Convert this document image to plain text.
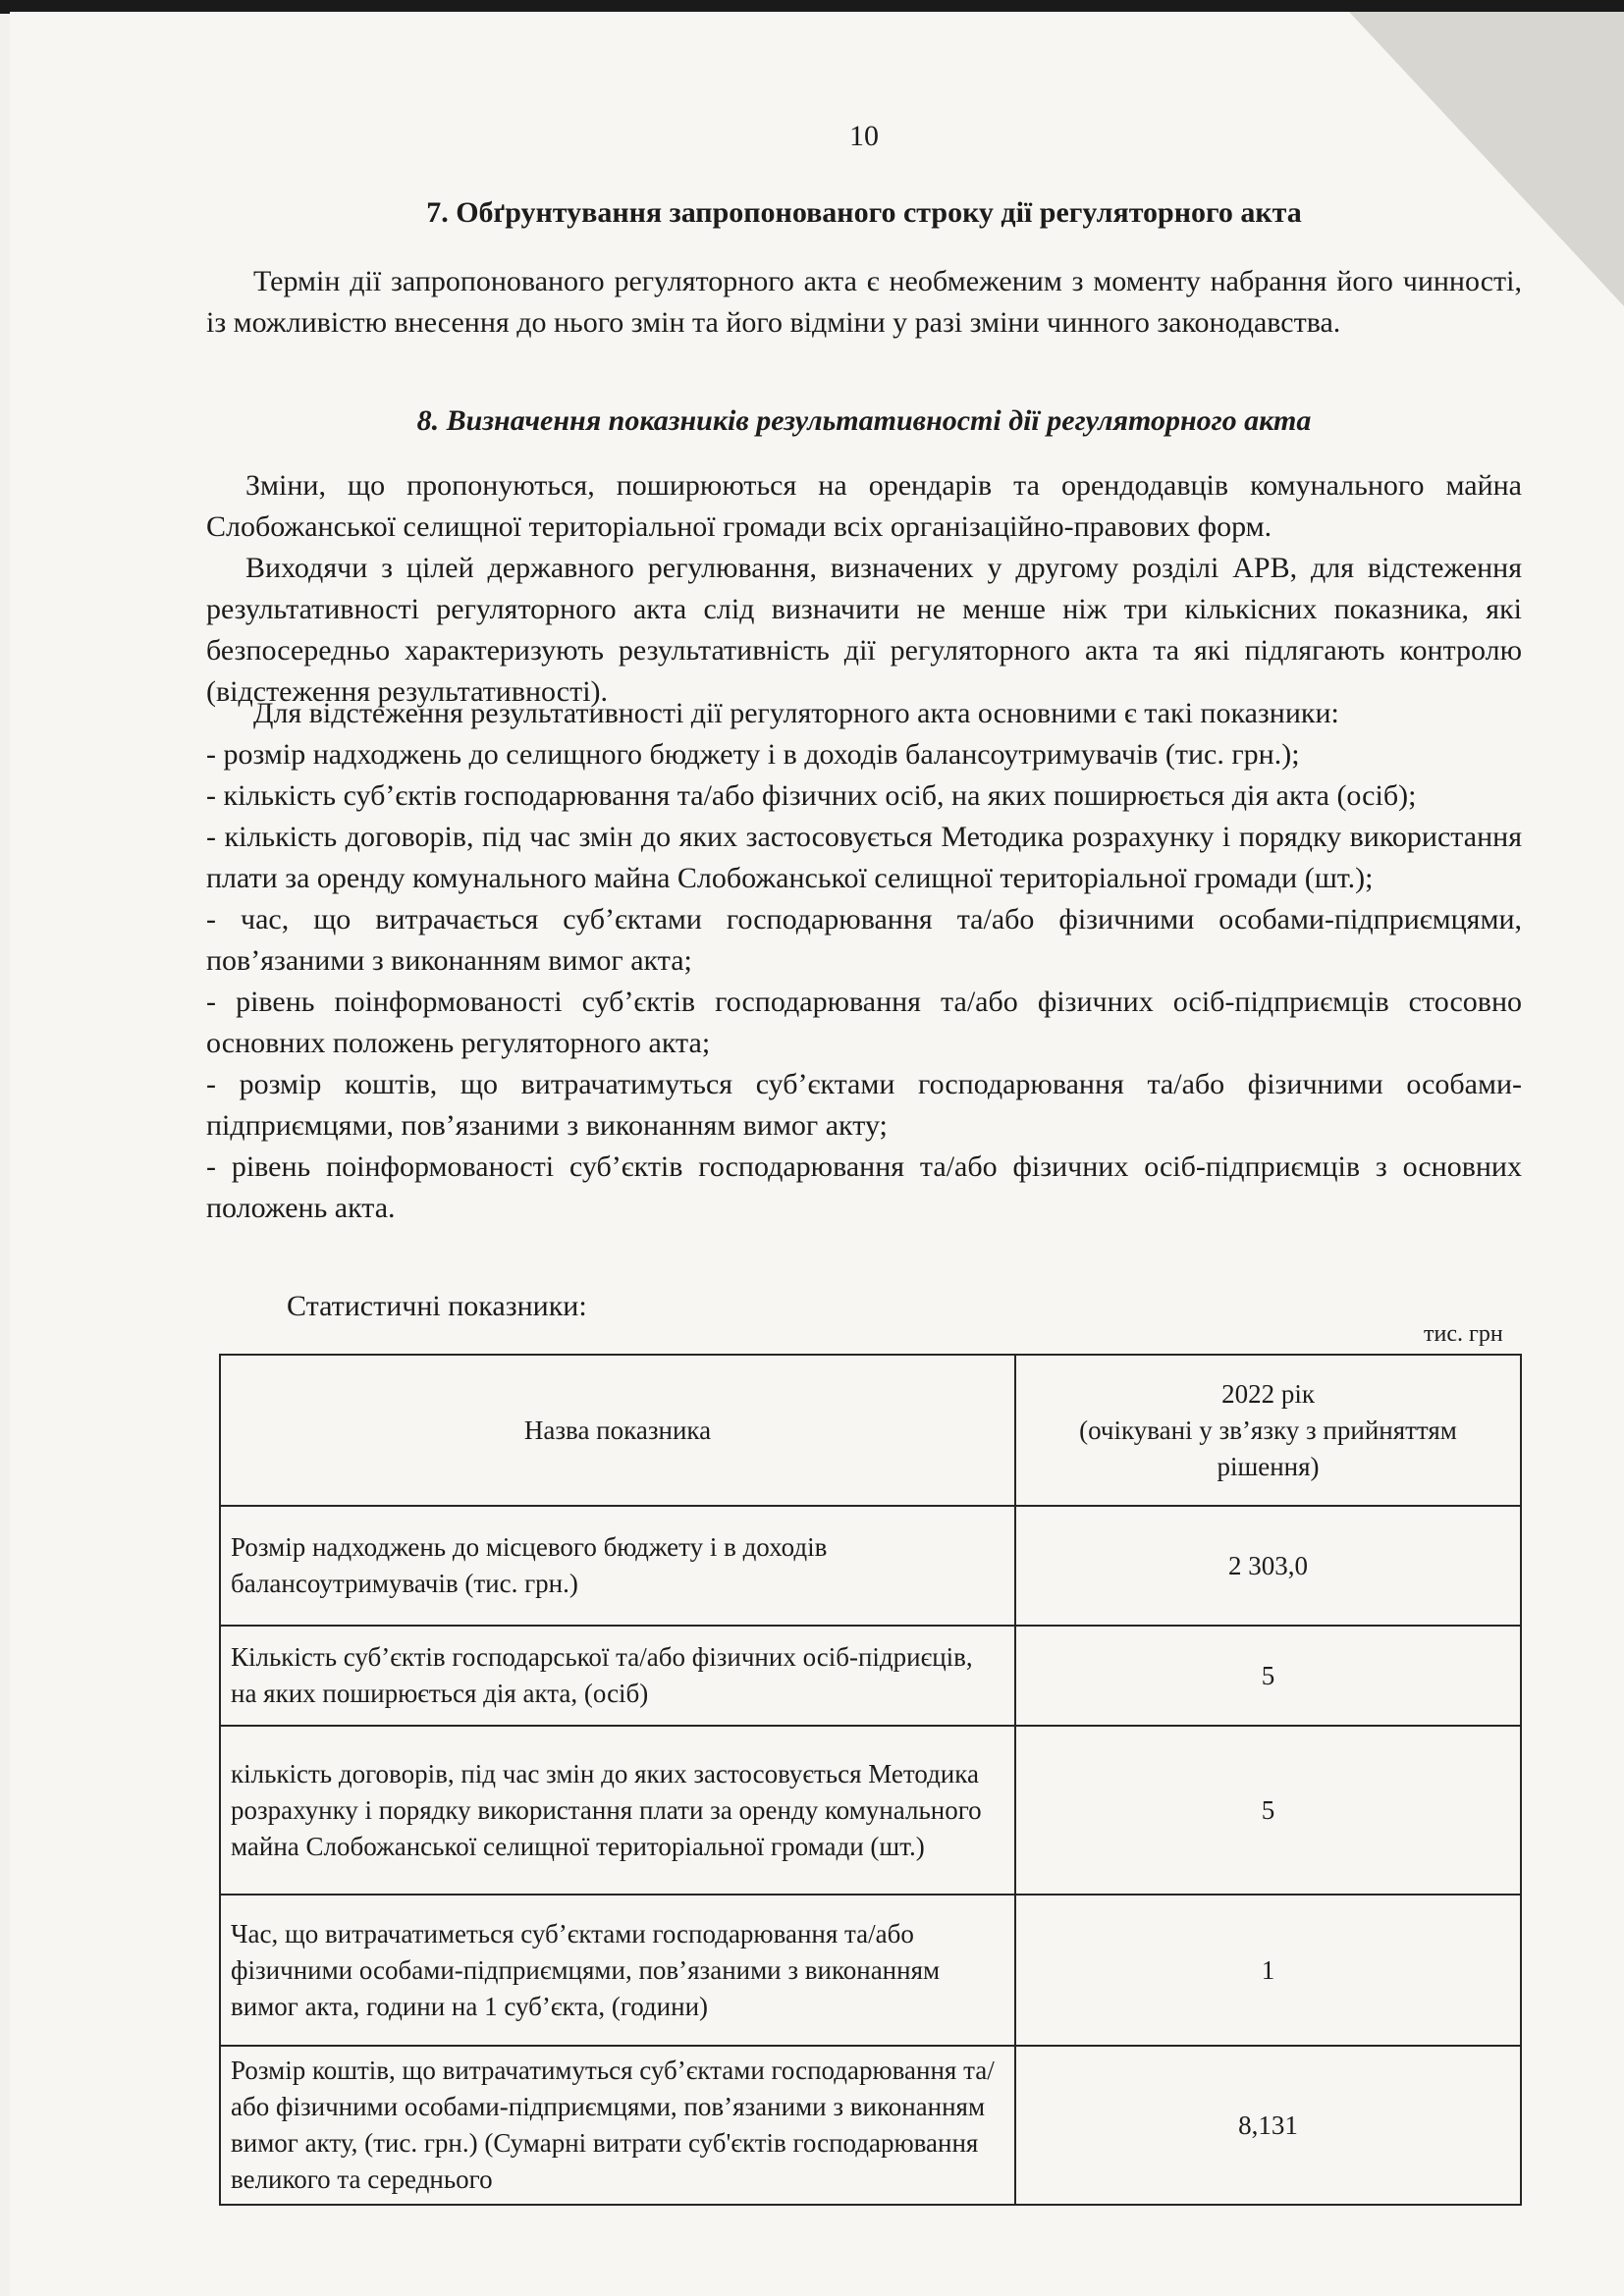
10
7. Обґрунтування запропонованого строку дії регуляторного акта

Термін дії запропонованого регуляторного акта є необмеженим з моменту набрання його чинності, із можливістю внесення до нього змін та його відміни у разі зміни чинного законодавства.

8. Визначення показників результативності дії регуляторного акта

Зміни, що пропонуються, поширюються на орендарів та орендодавців комунального майна Слобожанської селищної територіальної громади всіх організаційно-правових форм.

Виходячи з цілей державного регулювання, визначених у другому розділі АРВ, для відстеження результативності регуляторного акта слід визначити не менше ніж три кількісних показника, які безпосередньо характеризують результативність дії регуляторного акта та які підлягають контролю (відстеження результативності).

Для відстеження результативності дії регуляторного акта основними є такі показники:

- розмір надходжень до селищного бюджету і в доходів балансоутримувачів (тис. грн.);
- кількість суб’єктів господарювання та/або фізичних осіб, на яких поширюється дія акта (осіб);
- кількість договорів, під час змін до яких застосовується Методика розрахунку і порядку використання плати за оренду комунального майна Слобожанської селищної територіальної громади (шт.);
- час, що витрачається суб’єктами господарювання та/або фізичними особами-підприємцями, пов’язаними з виконанням вимог акта;
- рівень поінформованості суб’єктів господарювання та/або фізичних осіб-підприємців стосовно основних положень регуляторного акта;
- розмір коштів, що витрачатимуться суб’єктами господарювання та/або фізичними особами-підприємцями, пов’язаними з виконанням вимог акту;
- рівень поінформованості суб’єктів господарювання та/або фізичних осіб-підприємців з основних положень акта.
Статистичні показники:
тис. грн
Назва показника	2022 рік
(очікувані у зв’язку з прийняттям рішення)
Розмір надходжень до місцевого бюджету і в доходів балансоутримувачів (тис. грн.)	2 303,0
Кількість суб’єктів господарської та/або фізичних осіб-підриєців, на яких поширюється дія акта, (осіб)	5
кількість договорів, під час змін до яких застосовується Методика розрахунку і порядку використання плати за оренду комунального майна Слобожанської селищної територіальної громади (шт.)	5
Час, що витрачатиметься суб’єктами господарювання та/або фізичними особами-підприємцями, пов’язаними з виконанням вимог акта, години на 1 суб’єкта, (години)	1
Розмір коштів, що витрачатимуться суб’єктами господарювання та/або фізичними особами-підприємцями, пов’язаними з виконанням вимог акту, (тис. грн.) (Сумарні витрати суб'єктів господарювання великого та середнього	8,131
